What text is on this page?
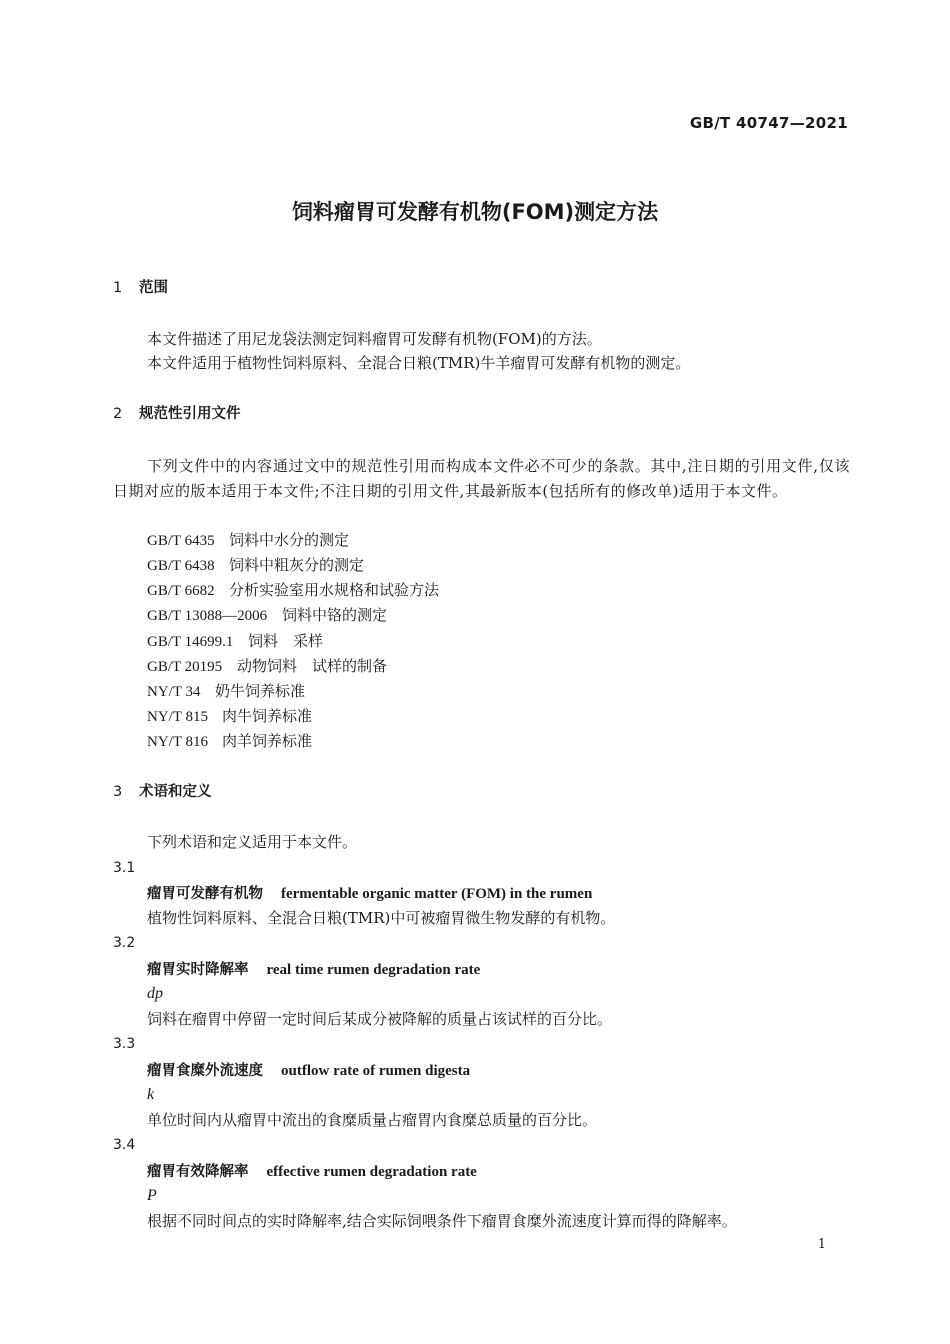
GB/T 40747—2021
饲料瘤胃可发酵有机物(FOM)测定方法
1 范围
本文件描述了用尼龙袋法测定饲料瘤胃可发酵有机物(FOM)的方法。
本文件适用于植物性饲料原料、全混合日粮(TMR)牛羊瘤胃可发酵有机物的测定。
2 规范性引用文件
下列文件中的内容通过文中的规范性引用而构成本文件必不可少的条款。其中,注日期的引用文件,仅该日期对应的版本适用于本文件;不注日期的引用文件,其最新版本(包括所有的修改单)适用于本文件。
GB/T 6435 饲料中水分的测定
GB/T 6438 饲料中粗灰分的测定
GB/T 6682 分析实验室用水规格和试验方法
GB/T 13088—2006 饲料中铬的测定
GB/T 14699.1 饲料　采样
GB/T 20195 动物饲料　试样的制备
NY/T 34 奶牛饲养标准
NY/T 815 肉牛饲养标准
NY/T 816 肉羊饲养标准
3 术语和定义
下列术语和定义适用于本文件。
3.1
瘤胃可发酵有机物 fermentable organic matter (FOM) in the rumen
植物性饲料原料、全混合日粮(TMR)中可被瘤胃微生物发酵的有机物。
3.2
瘤胃实时降解率 real time rumen degradation rate
dp
饲料在瘤胃中停留一定时间后某成分被降解的质量占该试样的百分比。
3.3
瘤胃食糜外流速度 outflow rate of rumen digesta
k
单位时间内从瘤胃中流出的食糜质量占瘤胃内食糜总质量的百分比。
3.4
瘤胃有效降解率 effective rumen degradation rate
P
根据不同时间点的实时降解率,结合实际饲喂条件下瘤胃食糜外流速度计算而得的降解率。
1
